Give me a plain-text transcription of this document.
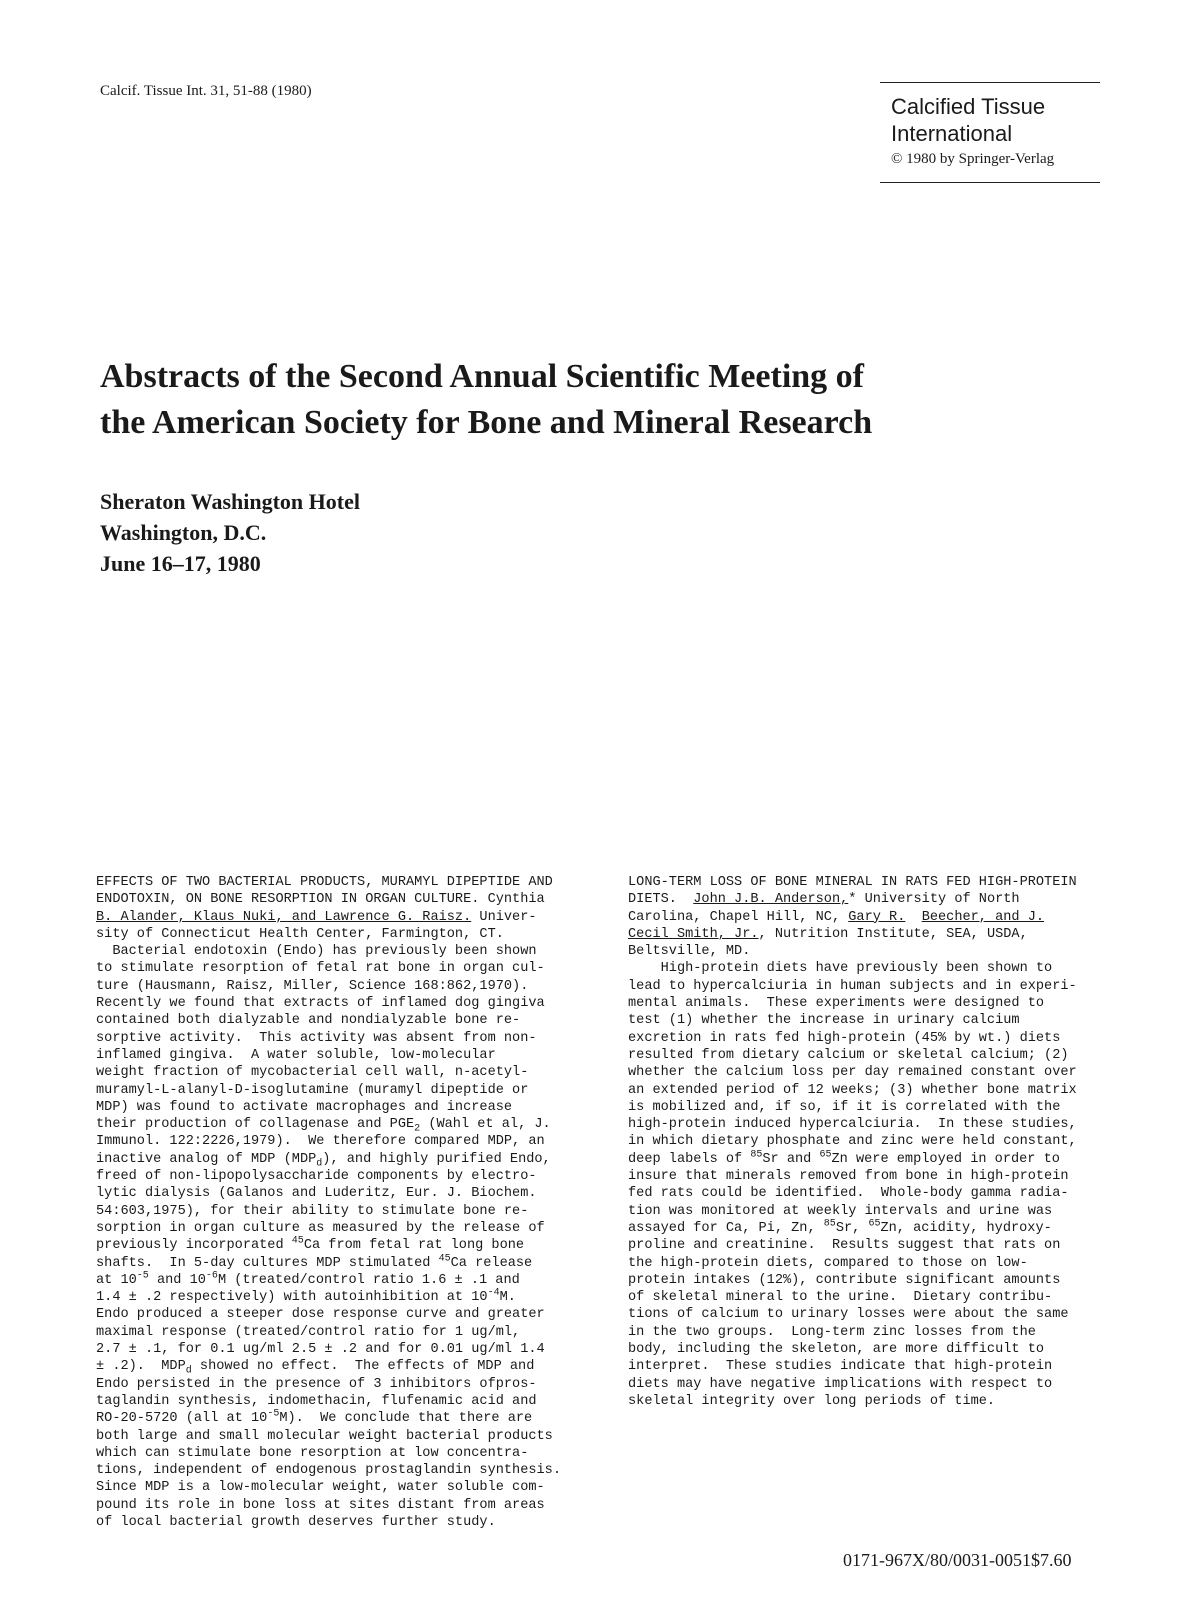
Calcif. Tissue Int. 31, 51-88 (1980)
Calcified Tissue
International
© 1980 by Springer-Verlag
Abstracts of the Second Annual Scientific Meeting of
the American Society for Bone and Mineral Research
Sheraton Washington Hotel
Washington, D.C.
June 16–17, 1980
EFFECTS OF TWO BACTERIAL PRODUCTS, MURAMYL DIPEPTIDE AND
ENDOTOXIN, ON BONE RESORPTION IN ORGAN CULTURE. Cynthia
B. Alander, Klaus Nuki, and Lawrence G. Raisz. Univer-
sity of Connecticut Health Center, Farmington, CT.
Bacterial endotoxin (Endo) has previously been shown
to stimulate resorption of fetal rat bone in organ cul-
ture (Hausmann, Raisz, Miller, Science 168:862,1970).
Recently we found that extracts of inflamed dog gingiva
contained both dialyzable and nondialyzable bone re-
sorptive activity.  This activity was absent from non-
inflamed gingiva.  A water soluble, low-molecular
weight fraction of mycobacterial cell wall, n-acetyl-
muramyl-L-alanyl-D-isoglutamine (muramyl dipeptide or
MDP) was found to activate macrophages and increase
their production of collagenase and $PGE_2$ (Wahl et al, J.
Immunol. 122:2226,1979).  We therefore compared MDP, an
inactive analog of MDP $(MDP_d)$, and highly purified Endo,
freed of non-lipopolysaccharide components by electro-
lytic dialysis (Galanos and Luderitz, Eur. J. Biochem.
54:603,1975), for their ability to stimulate bone re-
sorption in organ culture as measured by the release of
previously incorporated $^{45}$Ca from fetal rat long bone
shafts.  In 5-day cultures MDP stimulated $^{45}$Ca release
at $10^{-5}$ and $10^{-6}M$ (treated/control ratio 1.6 ± .1 and
1.4 ± .2 respectively) with autoinhibition at $10^{-4}M$.
Endo produced a steeper dose response curve and greater
maximal response (treated/control ratio for 1 ug/ml,
2.7 ± .1, for 0.1 ug/ml 2.5 ± .2 and for 0.01 ug/ml 1.4
± .2).  $MDP_d$ showed no effect.  The effects of MDP and
Endo persisted in the presence of 3 inhibitors ofpros-
taglandin synthesis, indomethacin, flufenamic acid and
RO-20-5720 (all at $10^{-5}M$).  We conclude that there are
both large and small molecular weight bacterial products
which can stimulate bone resorption at low concentra-
tions, independent of endogenous prostaglandin synthesis.
Since MDP is a low-molecular weight, water soluble com-
pound its role in bone loss at sites distant from areas
of local bacterial growth deserves further study.
LONG-TERM LOSS OF BONE MINERAL IN RATS FED HIGH-PROTEIN
DIETS.  John J.B. Anderson,* University of North
Carolina, Chapel Hill, NC, Gary R. Beecher, and J.
Cecil Smith, Jr., Nutrition Institute, SEA, USDA,
Beltsville, MD.
High-protein diets have previously been shown to
lead to hypercalciuria in human subjects and in experi-
mental animals.  These experiments were designed to
test (1) whether the increase in urinary calcium
excretion in rats fed high-protein (45% by wt.) diets
resulted from dietary calcium or skeletal calcium; (2)
whether the calcium loss per day remained constant over
an extended period of 12 weeks; (3) whether bone matrix
is mobilized and, if so, if it is correlated with the
high-protein induced hypercalciuria.  In these studies,
in which dietary phosphate and zinc were held constant,
deep labels of $^{85}$Sr and $^{65}$Zn were employed in order to
insure that minerals removed from bone in high-protein
fed rats could be identified.  Whole-body gamma radia-
tion was monitored at weekly intervals and urine was
assayed for Ca, Pi, Zn, $^{85}$Sr, $^{65}$Zn, acidity, hydroxy-
proline and creatinine.  Results suggest that rats on
the high-protein diets, compared to those on low-
protein intakes (12%), contribute significant amounts
of skeletal mineral to the urine.  Dietary contribu-
tions of calcium to urinary losses were about the same
in the two groups.  Long-term zinc losses from the
body, including the skeleton, are more difficult to
interpret.  These studies indicate that high-protein
diets may have negative implications with respect to
skeletal integrity over long periods of time.
0171-967X/80/0031-0051$7.60
